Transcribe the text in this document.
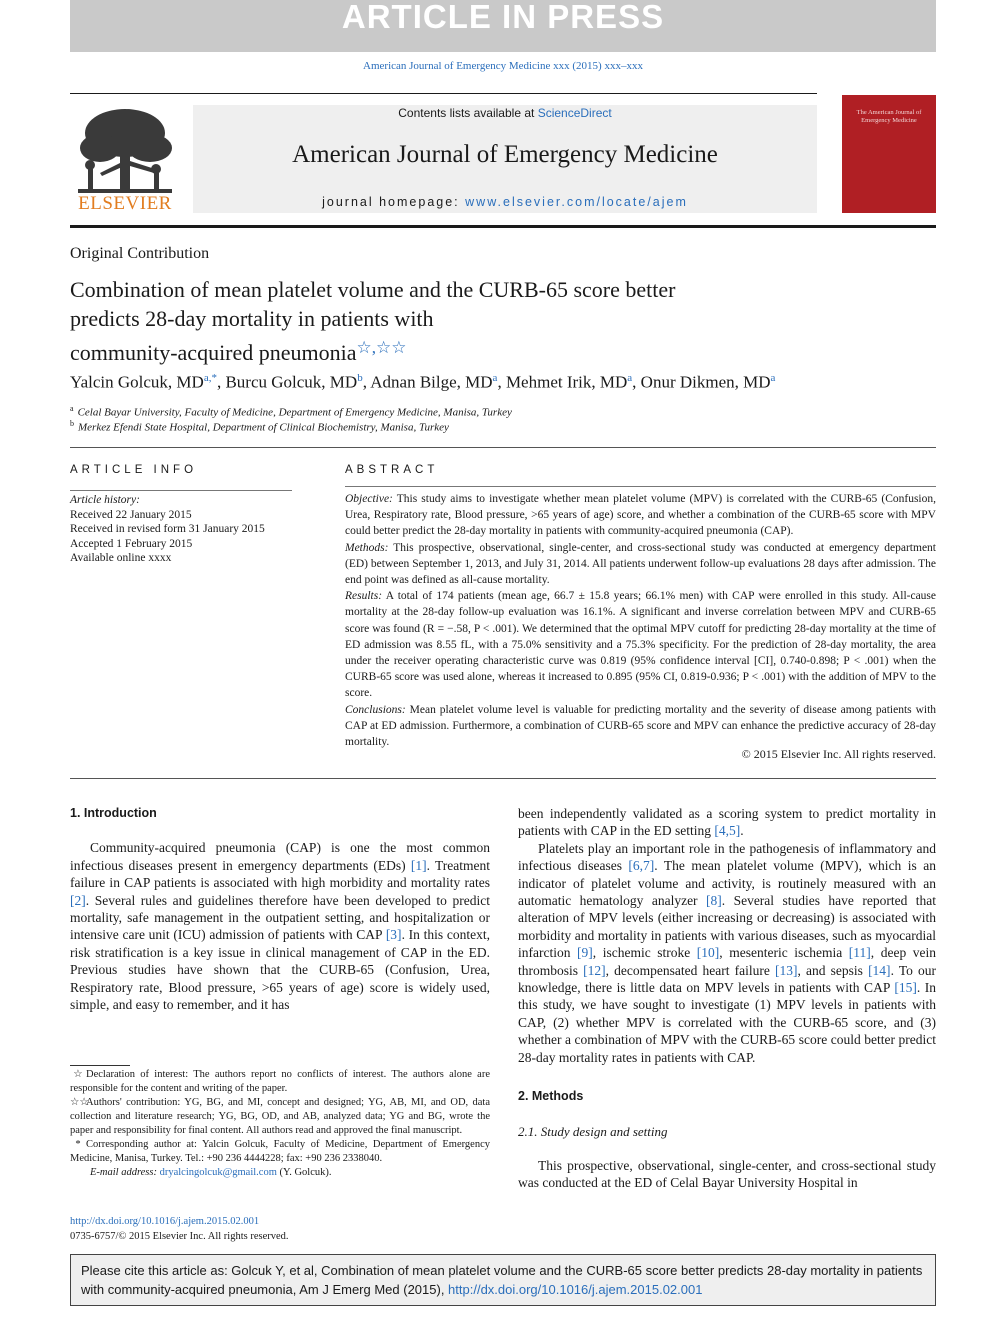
ARTICLE IN PRESS
American Journal of Emergency Medicine xxx (2015) xxx–xxx
ELSEVIER
Contents lists available at ScienceDirect
American Journal of Emergency Medicine
journal homepage: www.elsevier.com/locate/ajem
The American Journal of Emergency Medicine
Original Contribution
Combination of mean platelet volume and the CURB-65 score better
predicts 28-day mortality in patients with
community-acquired pneumonia☆,☆☆
Yalcin Golcuk, $MD^{a,*}$, Burcu Golcuk, $MD^b$, Adnan Bilge, $MD^a$, Mehmet Irik, $MD^a$, Onur Dikmen, $MD^a$
$^a$ Celal Bayar University, Faculty of Medicine, Department of Emergency Medicine, Manisa, Turkey
$^b$ Merkez Efendi State Hospital, Department of Clinical Biochemistry, Manisa, Turkey
ARTICLE INFO	ABSTRACT
Article history:
Received 22 January 2015
Received in revised form 31 January 2015
Accepted 1 February 2015
Available online xxxx

Objective: This study aims to investigate whether mean platelet volume (MPV) is correlated with the CURB-65 (Confusion, Urea, Respiratory rate, Blood pressure, >65 years of age) score, and whether a combination of the CURB-65 score with MPV could better predict the 28-day mortality in patients with community-acquired pneumonia (CAP).

Methods: This prospective, observational, single-center, and cross-sectional study was conducted at emergency department (ED) between September 1, 2013, and July 31, 2014. All patients underwent follow-up evaluations 28 days after admission. The end point was defined as all-cause mortality.

Results: A total of 174 patients (mean age, 66.7 ± 15.8 years; 66.1% men) with CAP were enrolled in this study. All-cause mortality at the 28-day follow-up evaluation was 16.1%. A significant and inverse correlation between MPV and CURB-65 score was found (R = −.58, P < .001). We determined that the optimal MPV cutoff for predicting 28-day mortality at the time of ED admission was 8.55 fL, with a 75.0% sensitivity and a 75.3% specificity. For the prediction of 28-day mortality, the area under the receiver operating characteristic curve was 0.819 (95% confidence interval [CI], 0.740-0.898; P < .001) when the CURB-65 score was used alone, whereas it increased to 0.895 (95% CI, 0.819-0.936; P < .001) with the addition of MPV to the score.

Conclusions: Mean platelet volume level is valuable for predicting mortality and the severity of disease among patients with CAP at ED admission. Furthermore, a combination of CURB-65 score and MPV can enhance the predictive accuracy of 28-day mortality.

© 2015 Elsevier Inc. All rights reserved.
1. Introduction

Community-acquired pneumonia (CAP) is one the most common infectious diseases present in emergency departments (EDs) [1]. Treatment failure in CAP patients is associated with high morbidity and mortality rates [2]. Several rules and guidelines therefore have been developed to predict mortality, safe management in the outpatient setting, and hospitalization or intensive care unit (ICU) admission of patients with CAP [3]. In this context, risk stratification is a key issue in clinical management of CAP in the ED. Previous studies have shown that the CURB-65 (Confusion, Urea, Respiratory rate, Blood pressure, >65 years of age) score is widely used, simple, and easy to remember, and it has

been independently validated as a scoring system to predict mortality in patients with CAP in the ED setting [4,5].

Platelets play an important role in the pathogenesis of inflammatory and infectious diseases [6,7]. The mean platelet volume (MPV), which is an indicator of platelet volume and activity, is routinely measured with an automatic hematology analyzer [8]. Several studies have reported that alteration of MPV levels (either increasing or decreasing) is associated with morbidity and mortality in patients with various diseases, such as myocardial infarction [9], ischemic stroke [10], mesenteric ischemia [11], deep vein thrombosis [12], decompensated heart failure [13], and sepsis [14]. To our knowledge, there is little data on MPV levels in patients with CAP [15]. In this study, we have sought to investigate (1) MPV levels in patients with CAP, (2) whether MPV is correlated with the CURB-65 score, and (3) whether a combination of MPV with the CURB-65 score could better predict 28-day mortality rates in patients with CAP.

2. Methods
2.1. Study design and setting

This prospective, observational, single-center, and cross-sectional study was conducted at the ED of Celal Bayar University Hospital in

☆ Declaration of interest: The authors report no conflicts of interest. The authors alone are responsible for the content and writing of the paper.
☆☆Authors' contribution: YG, BG, and MI, concept and designed; YG, AB, MI, and OD, data collection and literature research; YG, BG, OD, and AB, analyzed data; YG and BG, wrote the paper and responsibility for final content. All authors read and approved the final manuscript.
* Corresponding author at: Yalcin Golcuk, Faculty of Medicine, Department of Emergency Medicine, Manisa, Turkey. Tel.: +90 236 4444228; fax: +90 236 2338040.
E-mail address: dryalcingolcuk@gmail.com (Y. Golcuk).
http://dx.doi.org/10.1016/j.ajem.2015.02.001
0735-6757/© 2015 Elsevier Inc. All rights reserved.
Please cite this article as: Golcuk Y, et al, Combination of mean platelet volume and the CURB-65 score better predicts 28-day mortality in patients with community-acquired pneumonia, Am J Emerg Med (2015), http://dx.doi.org/10.1016/j.ajem.2015.02.001
